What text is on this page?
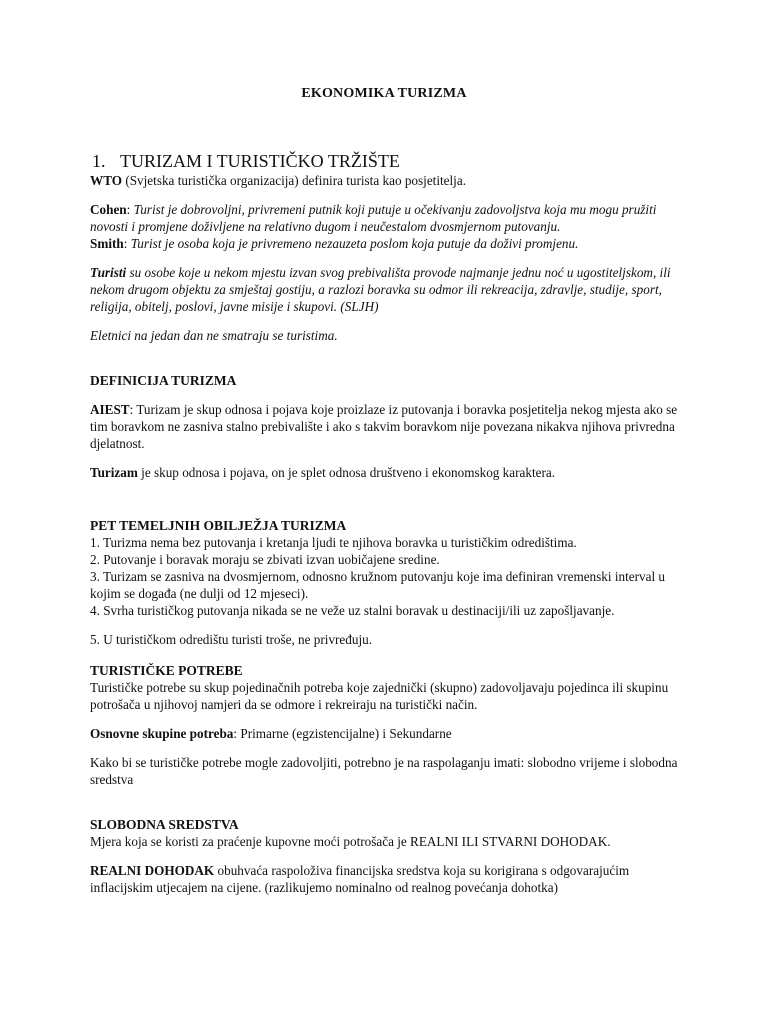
EKONOMIKA TURIZMA
1. TURIZAM I TURISTIČKO TRŽIŠTE

WTO (Svjetska turistička organizacija) definira turista kao posjetitelja.

Cohen: Turist je dobrovoljni, privremeni putnik koji putuje u očekivanju zadovoljstva koja mu mogu pružiti novosti i promjene doživljene na relativno dugom i neučestalom dvosmjernom putovanju.

Smith: Turist je osoba koja je privremeno nezauzeta poslom koja putuje da doživi promjenu.

Turisti su osobe koje u nekom mjestu izvan svog prebivališta provode najmanje jednu noć u ugostiteljskom, ili nekom drugom objektu za smještaj gostiju, a razlozi boravka su odmor ili rekreacija, zdravlje, studije, sport, religija, obitelj, poslovi, javne misije i skupovi. (SLJH)

Eletnici na jedan dan ne smatraju se turistima.

DEFINICIJA TURIZMA

AIEST: Turizam je skup odnosa i pojava koje proizlaze iz putovanja i boravka posjetitelja nekog mjesta ako se tim boravkom ne zasniva stalno prebivalište i ako s takvim boravkom nije povezana nikakva njihova privredna djelatnost.

Turizam je skup odnosa i pojava, on je splet odnosa društveno i ekonomskog karaktera.

PET TEMELJNIH OBILJEŽJA TURIZMA

1. Turizma nema bez putovanja i kretanja ljudi te njihova boravka u turističkim odredištima.

2. Putovanje i boravak moraju se zbivati izvan uobičajene sredine.

3. Turizam se zasniva na dvosmjernom, odnosno kružnom putovanju koje ima definiran vremenski interval u kojim se događa (ne dulji od 12 mjeseci).

4. Svrha turističkog putovanja nikada se ne veže uz stalni boravak u destinaciji/ili uz zapošljavanje.

5. U turističkom odredištu turisti troše, ne privređuju.

TURISTIČKE POTREBE

Turističke potrebe su skup pojedinačnih potreba koje zajednički (skupno) zadovoljavaju pojedinca ili skupinu potrošača u njihovoj namjeri da se odmore i rekreiraju na turistički način.

Osnovne skupine potreba: Primarne (egzistencijalne) i Sekundarne

Kako bi se turističke potrebe mogle zadovoljiti, potrebno je na raspolaganju imati: slobodno vrijeme i slobodna sredstva

SLOBODNA SREDSTVA

Mjera koja se koristi za praćenje kupovne moći potrošača je REALNI ILI STVARNI DOHODAK.

REALNI DOHODAK obuhvaća raspoloživa financijska sredstva koja su korigirana s odgovarajućim inflacijskim utjecajem na cijene. (razlikujemo nominalno od realnog povećanja dohotka)
